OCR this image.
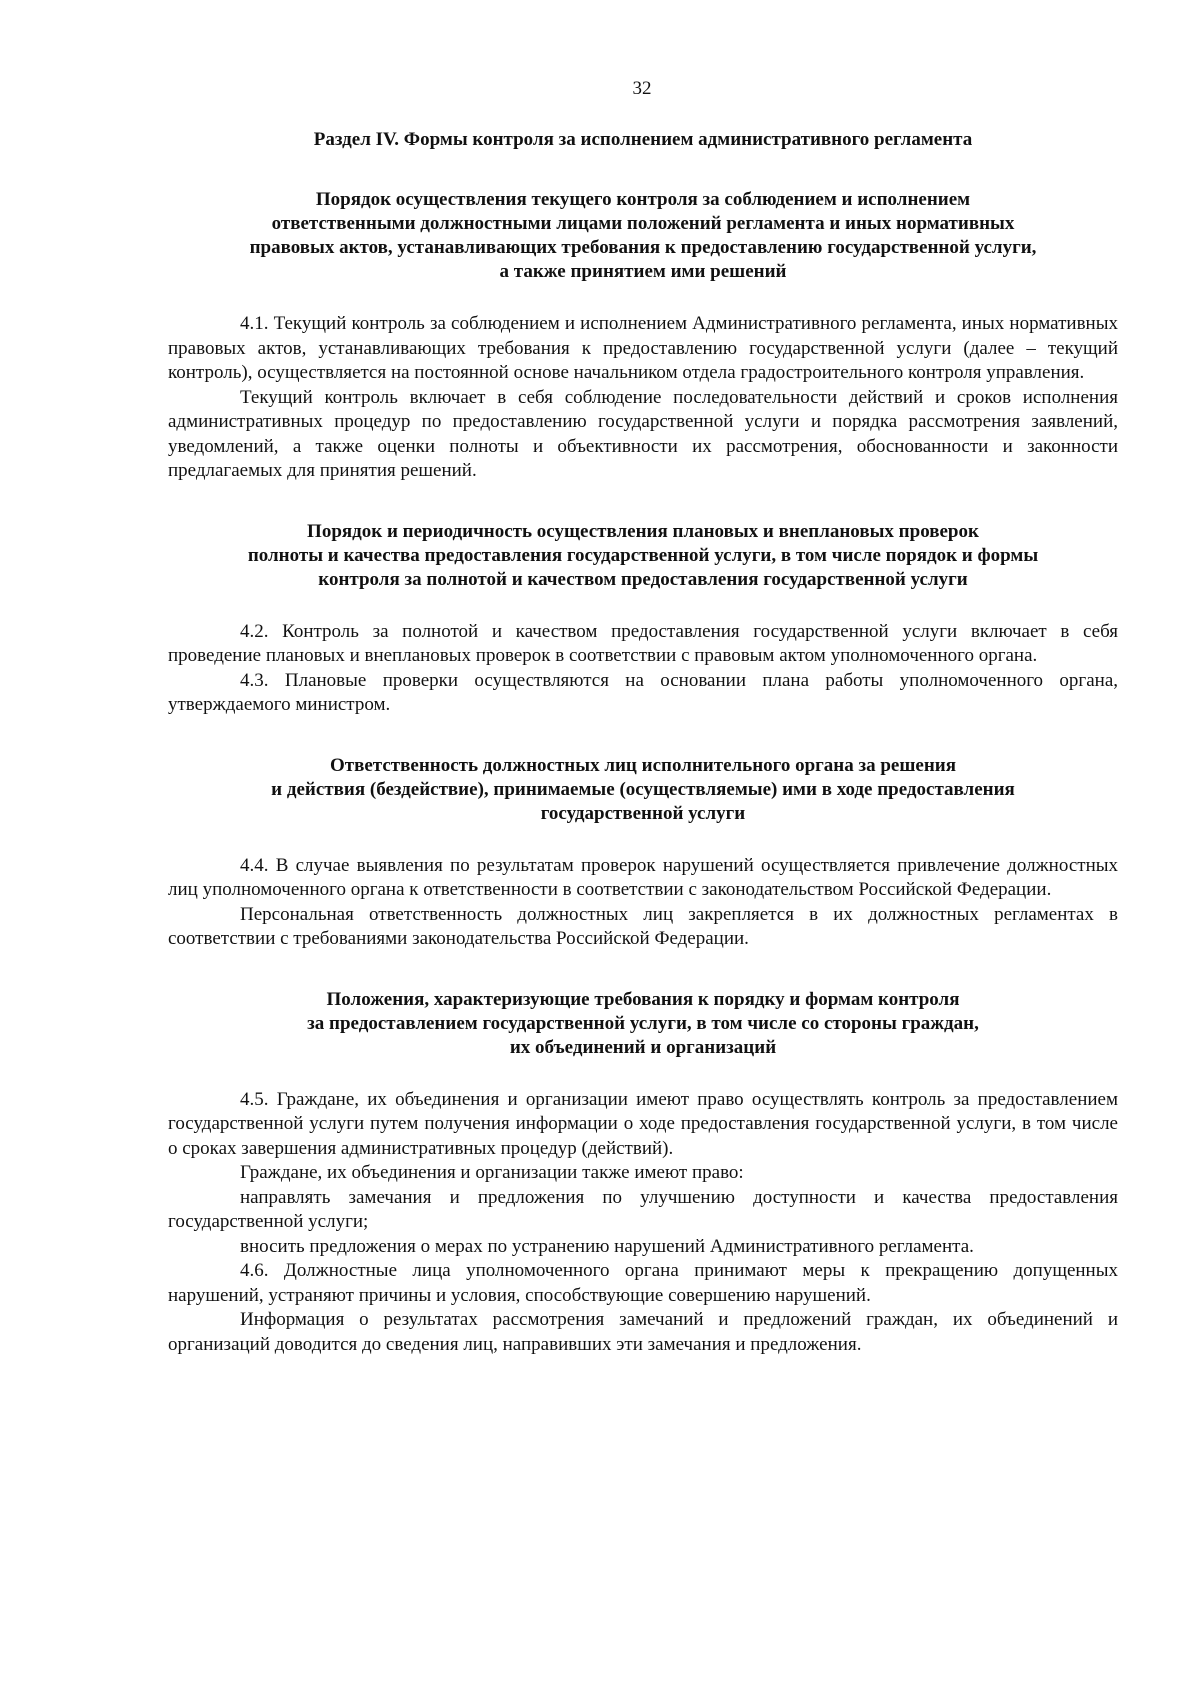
32
Раздел IV. Формы контроля за исполнением административного регламента
Порядок осуществления текущего контроля за соблюдением и исполнением
ответственными должностными лицами положений регламента и иных нормативных
правовых актов, устанавливающих требования к предоставлению государственной услуги,
а также принятием ими решений

4.1. Текущий контроль за соблюдением и исполнением Административного регламента, иных нормативных правовых актов, устанавливающих требования к предоставлению государственной услуги (далее – текущий контроль), осуществляется на постоянной основе начальником отдела градостроительного контроля управления.

Текущий контроль включает в себя соблюдение последовательности действий и сроков исполнения административных процедур по предоставлению государственной услуги и порядка рассмотрения заявлений, уведомлений, а также оценки полноты и объективности их рассмотрения, обоснованности и законности предлагаемых для принятия решений.

Порядок и периодичность осуществления плановых и внеплановых проверок
полноты и качества предоставления государственной услуги, в том числе порядок и формы
контроля за полнотой и качеством предоставления государственной услуги

4.2. Контроль за полнотой и качеством предоставления государственной услуги включает в себя проведение плановых и внеплановых проверок в соответствии с правовым актом уполномоченного органа.

4.3. Плановые проверки осуществляются на основании плана работы уполномоченного органа, утверждаемого министром.

Ответственность должностных лиц исполнительного органа за решения
и действия (бездействие), принимаемые (осуществляемые) ими в ходе предоставления
государственной услуги

4.4. В случае выявления по результатам проверок нарушений осуществляется привлечение должностных лиц уполномоченного органа к ответственности в соответствии с законодательством Российской Федерации.

Персональная ответственность должностных лиц закрепляется в их должностных регламентах в соответствии с требованиями законодательства Российской Федерации.

Положения, характеризующие требования к порядку и формам контроля
за предоставлением государственной услуги, в том числе со стороны граждан,
их объединений и организаций

4.5. Граждане, их объединения и организации имеют право осуществлять контроль за предоставлением государственной услуги путем получения информации о ходе предоставления государственной услуги, в том числе о сроках завершения административных процедур (действий).

Граждане, их объединения и организации также имеют право:

направлять замечания и предложения по улучшению доступности и качества предоставления государственной услуги;

вносить предложения о мерах по устранению нарушений Административного регламента.

4.6. Должностные лица уполномоченного органа принимают меры к прекращению допущенных нарушений, устраняют причины и условия, способствующие совершению нарушений.

Информация о результатах рассмотрения замечаний и предложений граждан, их объединений и организаций доводится до сведения лиц, направивших эти замечания и предложения.
